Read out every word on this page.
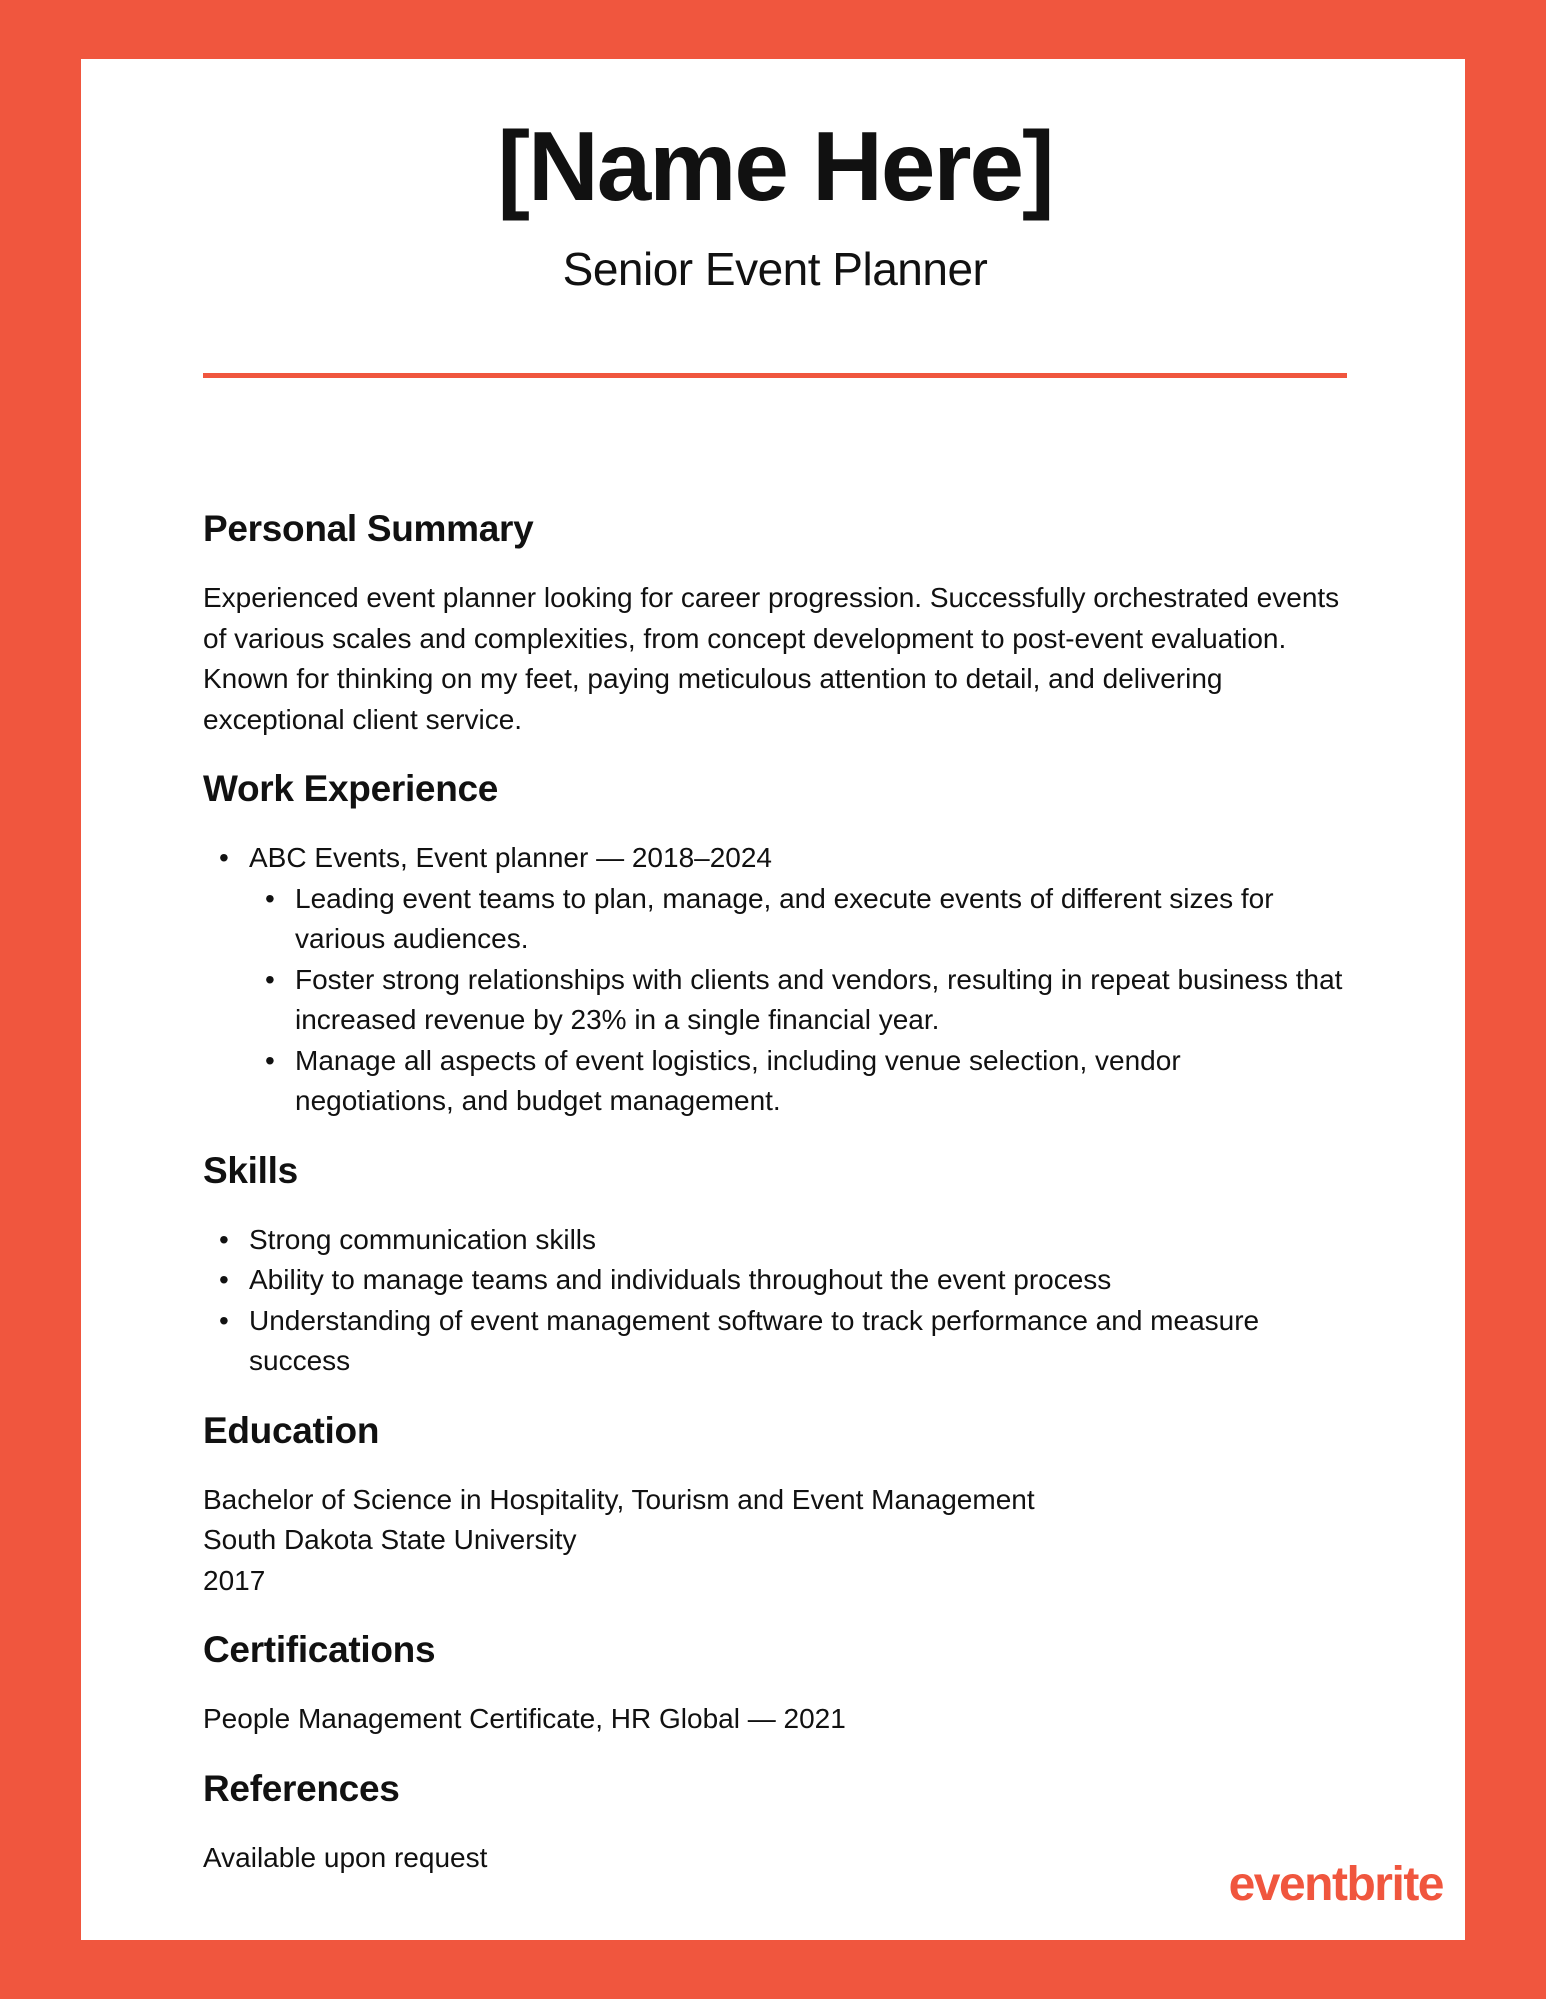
[Name Here]
Senior Event Planner
Personal Summary

Experienced event planner looking for career progression. Successfully orchestrated events of various scales and complexities, from concept development to post-event evaluation. Known for thinking on my feet, paying meticulous attention to detail, and delivering exceptional client service.

Work Experience
• ABC Events, Event planner — 2018–2024
• Leading event teams to plan, manage, and execute events of different sizes for various audiences.
• Foster strong relationships with clients and vendors, resulting in repeat business that increased revenue by 23% in a single financial year.
• Manage all aspects of event logistics, including venue selection, vendor negotiations, and budget management.
Skills
• Strong communication skills
• Ability to manage teams and individuals throughout the event process
• Understanding of event management software to track performance and measure success
Education

Bachelor of Science in Hospitality, Tourism and Event Management

South Dakota State University

2017

Certifications

People Management Certificate, HR Global — 2021

References

Available upon request

eventbrite
